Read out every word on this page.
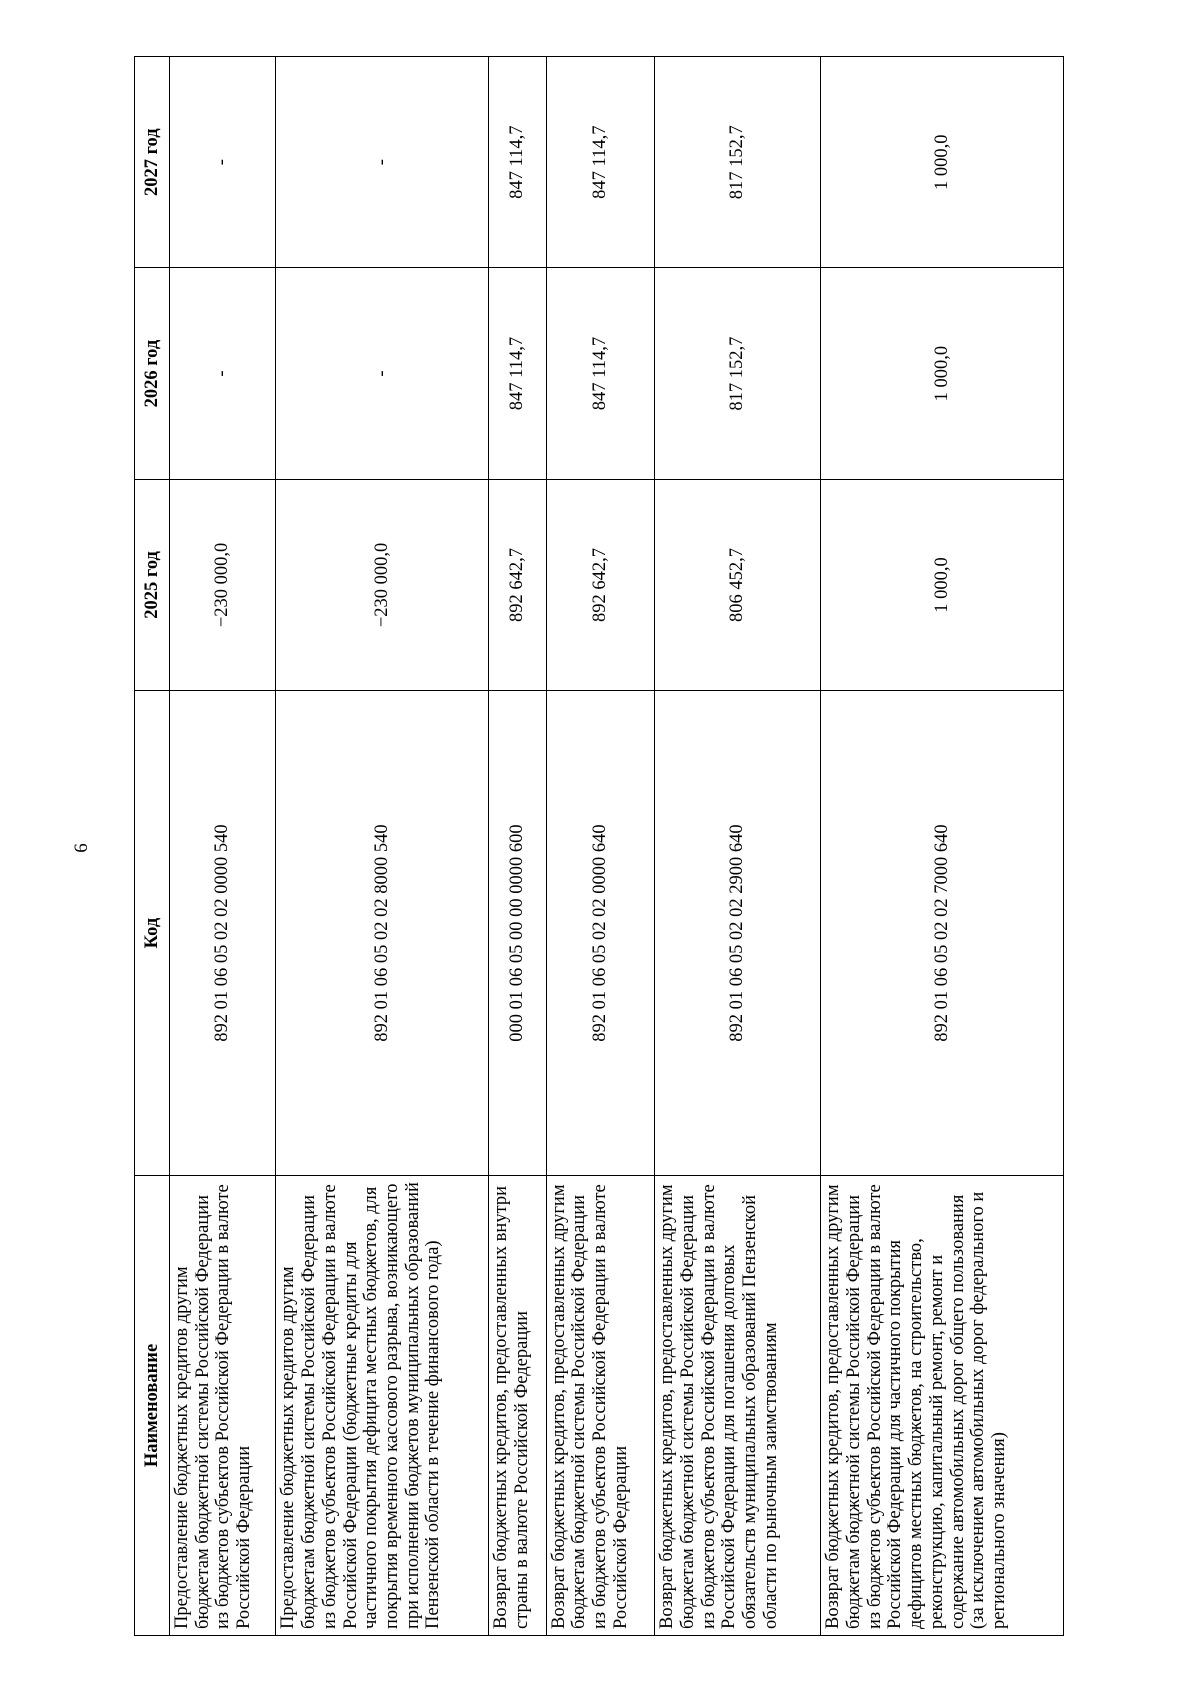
6
Наименование	Код	2025 год	2026 год	2027 год
Предоставление бюджетных кредитов другим бюджетам бюджетной системы Российской Федерации из бюджетов субъектов Российской Федерации в валюте Российской Федерации	892 01 06 05 02 02 0000 540	−230 000,0	-	-
Предоставление бюджетных кредитов другим бюджетам бюджетной системы Российской Федерации из бюджетов субъектов Российской Федерации в валюте Российской Федерации (бюджетные кредиты для частичного покрытия дефицита местных бюджетов, для покрытия временного кассового разрыва, возникающего при исполнении бюджетов муниципальных образований Пензенской области в течение финансового года)	892 01 06 05 02 02 8000 540	−230 000,0	-	-
Возврат бюджетных кредитов, предоставленных внутри страны в валюте Российской Федерации	000 01 06 05 00 00 0000 600	892 642,7	847 114,7	847 114,7
Возврат бюджетных кредитов, предоставленных другим бюджетам бюджетной системы Российской Федерации из бюджетов субъектов Российской Федерации в валюте Российской Федерации	892 01 06 05 02 02 0000 640	892 642,7	847 114,7	847 114,7
Возврат бюджетных кредитов, предоставленных другим бюджетам бюджетной системы Российской Федерации из бюджетов субъектов Российской Федерации в валюте Российской Федерации для погашения долговых обязательств муниципальных образований Пензенской области по рыночным заимствованиям	892 01 06 05 02 02 2900 640	806 452,7	817 152,7	817 152,7
Возврат бюджетных кредитов, предоставленных другим бюджетам бюджетной системы Российской Федерации из бюджетов субъектов Российской Федерации в валюте Российской Федерации для частичного покрытия дефицитов местных бюджетов, на строительство, реконструкцию, капитальный ремонт, ремонт и содержание автомобильных дорог общего пользования (за исключением автомобильных дорог федерального и регионального значения)	892 01 06 05 02 02 7000 640	1 000,0	1 000,0	1 000,0
